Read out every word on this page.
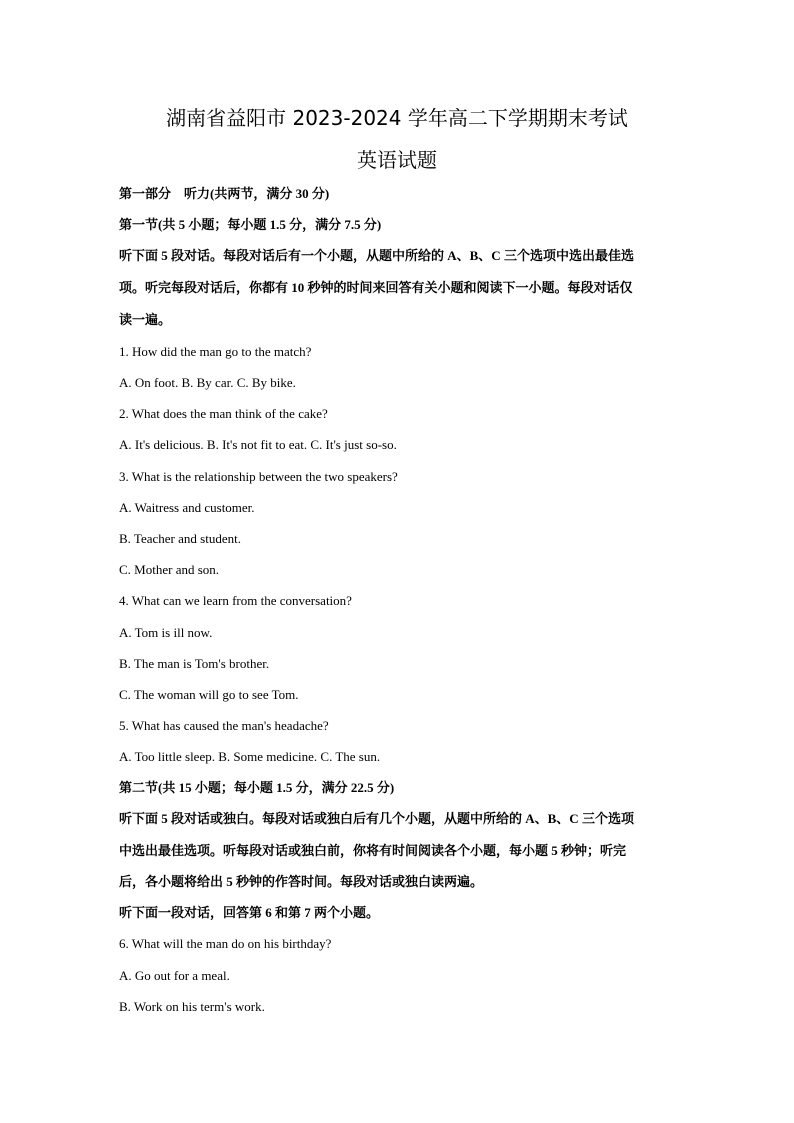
湖南省益阳市 2023-2024 学年高二下学期期末考试
英语试题
第一部分　听力(共两节，满分 30 分)
第一节(共 5 小题；每小题 1.5 分，满分 7.5 分)
听下面 5 段对话。每段对话后有一个小题，从题中所给的 A、B、C 三个选项中选出最佳选
项。听完每段对话后，你都有 10 秒钟的时间来回答有关小题和阅读下一小题。每段对话仅
读一遍。
1. How did the man go to the match?
A. On foot. B. By car. C. By bike.
2. What does the man think of the cake?
A. It's delicious. B. It's not fit to eat. C. It's just so-so.
3. What is the relationship between the two speakers?
A. Waitress and customer.
B. Teacher and student.
C. Mother and son.
4. What can we learn from the conversation?
A. Tom is ill now.
B. The man is Tom's brother.
C. The woman will go to see Tom.
5. What has caused the man's headache?
A. Too little sleep. B. Some medicine. C. The sun.
第二节(共 15 小题；每小题 1.5 分，满分 22.5 分)
听下面 5 段对话或独白。每段对话或独白后有几个小题，从题中所给的 A、B、C 三个选项
中选出最佳选项。听每段对话或独白前，你将有时间阅读各个小题，每小题 5 秒钟；听完
后，各小题将给出 5 秒钟的作答时间。每段对话或独白读两遍。
听下面一段对话，回答第 6 和第 7 两个小题。
6. What will the man do on his birthday?
A. Go out for a meal.
B. Work on his term's work.
